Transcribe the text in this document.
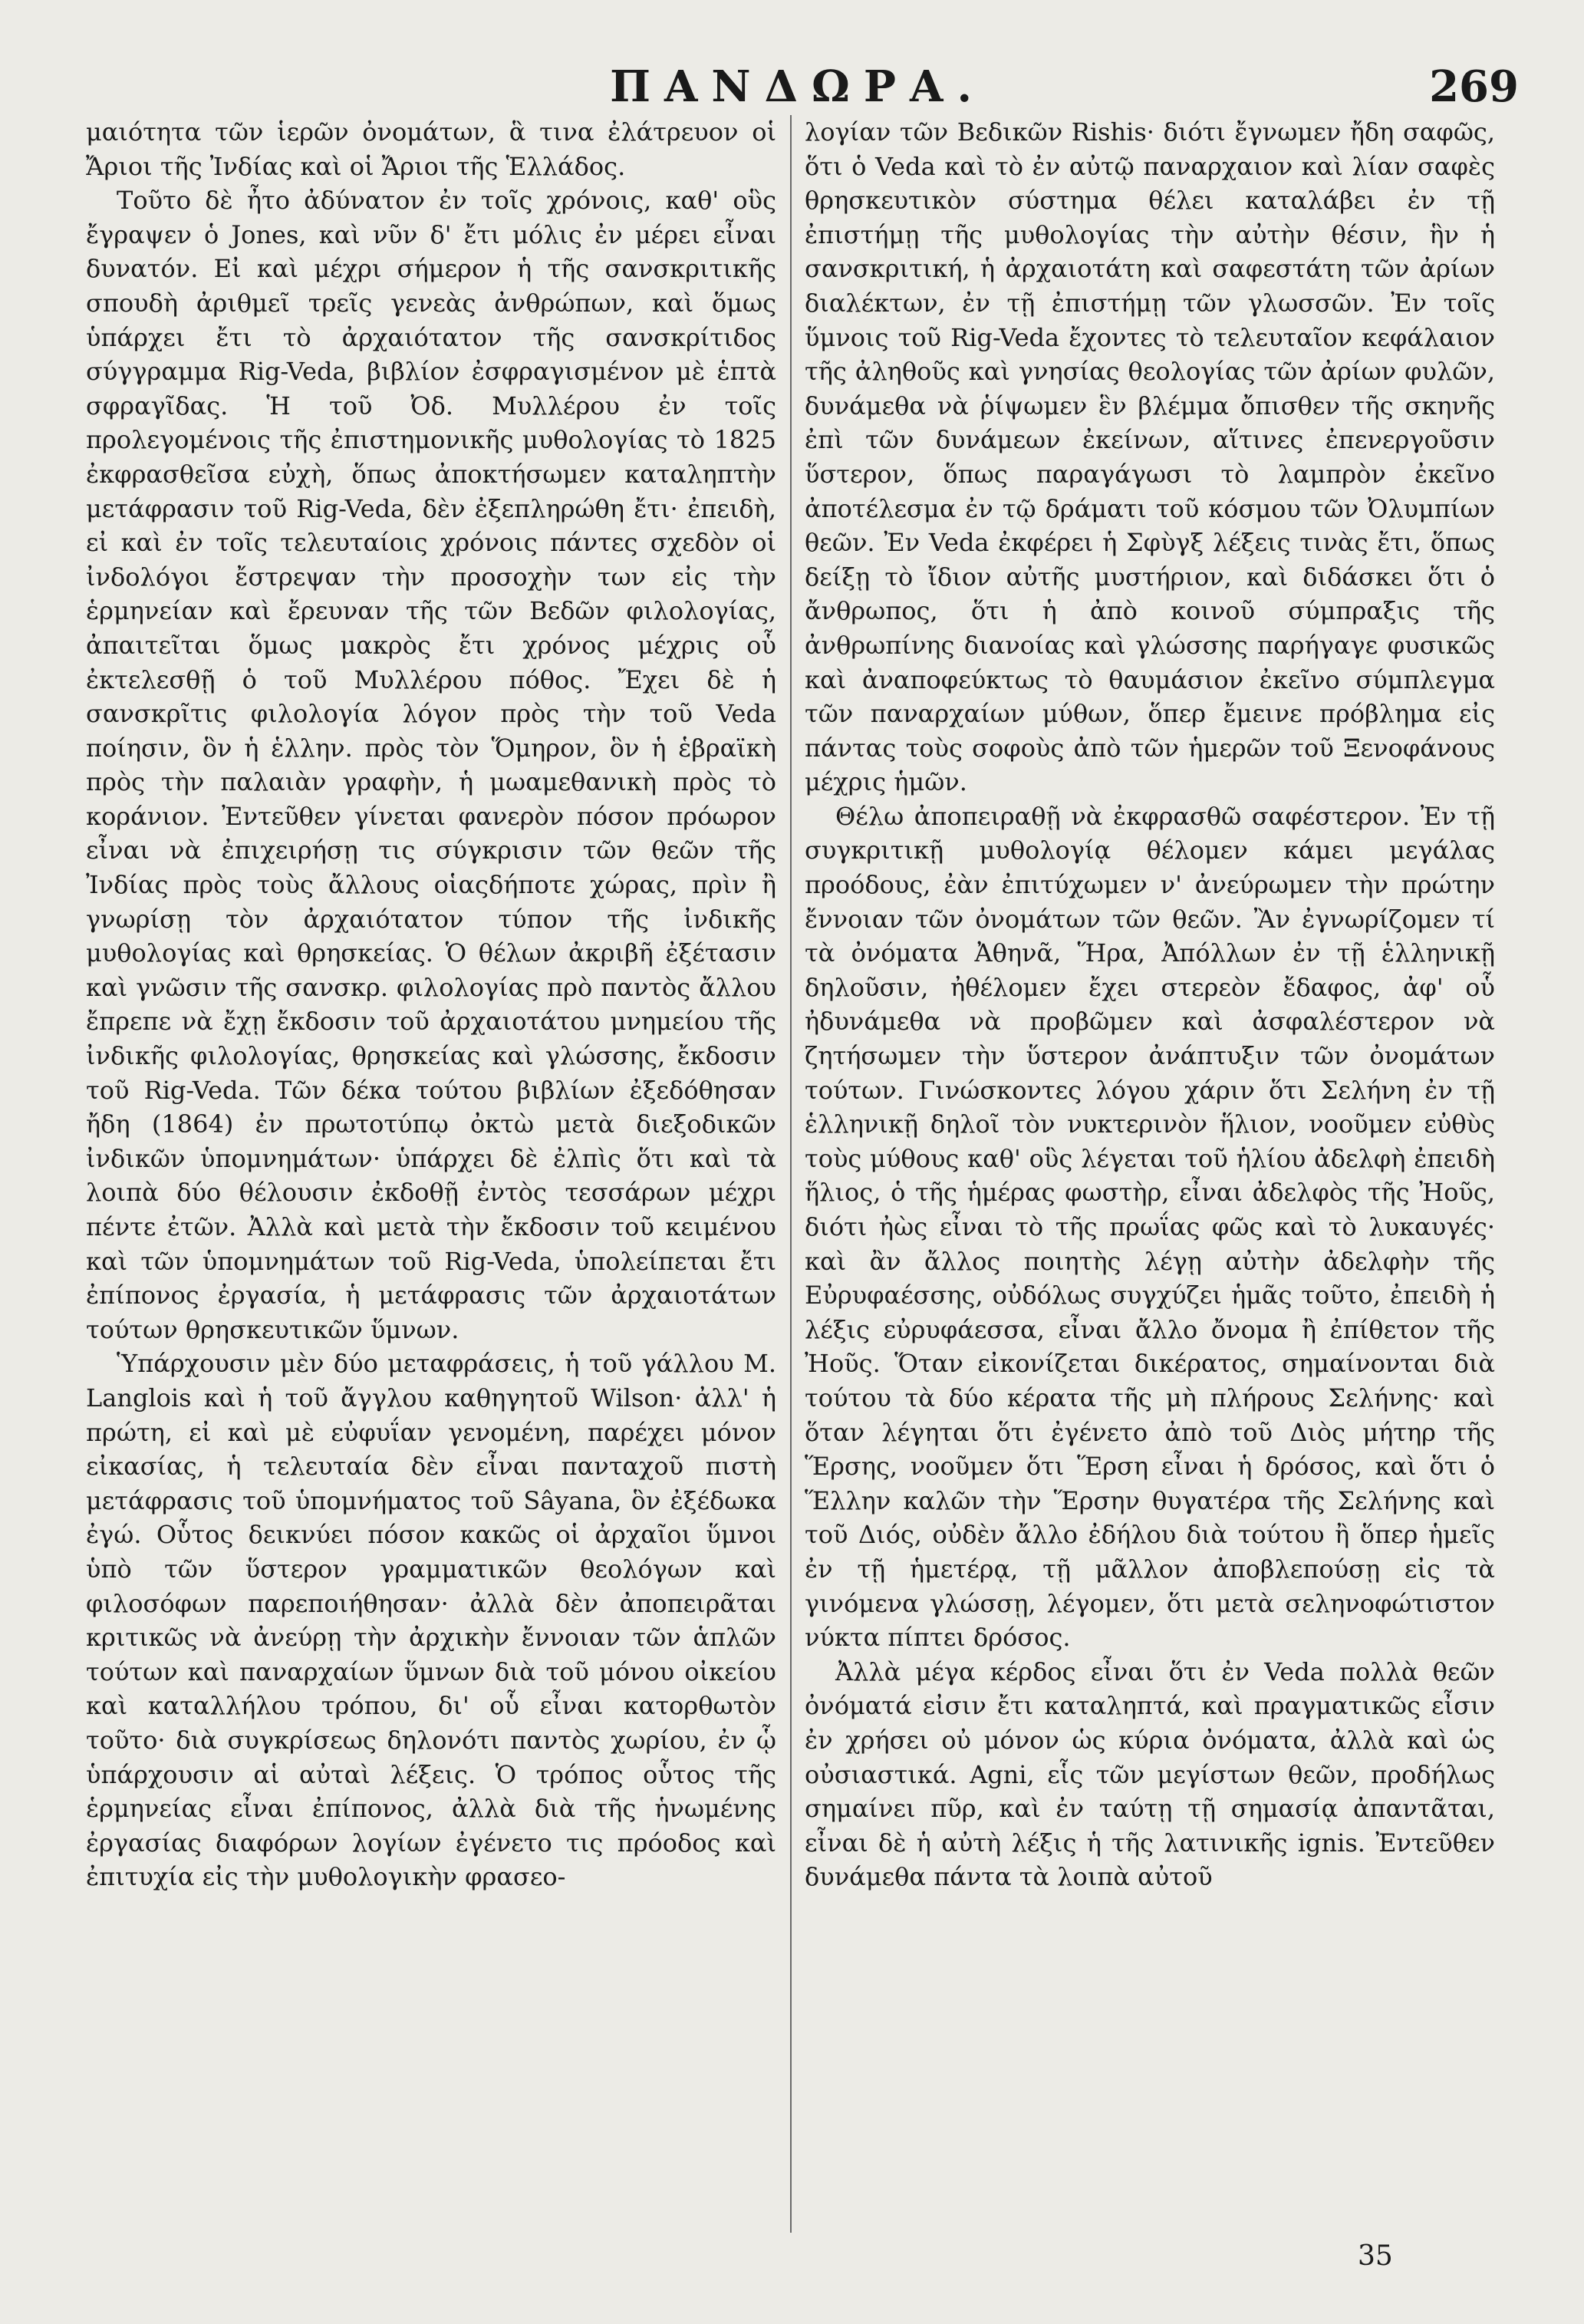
ΠΑΝΔΩΡΑ.	269

μαιότητα τῶν ἱερῶν ὀνομάτων, ἃ τινα ἐλάτρευον οἱ Ἄριοι τῆς Ἰνδίας καὶ οἱ Ἄριοι τῆς Ἑλλάδος.

Τοῦτο δὲ ἦτο ἀδύνατον ἐν τοῖς χρόνοις, καθ' οὓς ἔγραψεν ὁ Jones, καὶ νῦν δ' ἔτι μόλις ἐν μέρει εἶναι δυνατόν. Εἰ καὶ μέχρι σήμερον ἡ τῆς σανσκριτικῆς σπουδὴ ἀριθμεῖ τρεῖς γενεὰς ἀνθρώπων, καὶ ὅμως ὑπάρχει ἔτι τὸ ἀρχαιότατον τῆς σανσκρίτιδος σύγγραμμα Rig-Veda, βιβλίον ἐσφραγισμένον μὲ ἑπτὰ σφραγῖδας. Ἡ τοῦ Ὀδ. Μυλλέρου ἐν τοῖς προλεγομένοις τῆς ἐπιστημονικῆς μυθολογίας τὸ 1825 ἐκφρασθεῖσα εὐχὴ, ὅπως ἀποκτήσωμεν καταληπτὴν μετάφρασιν τοῦ Rig-Veda, δὲν ἐξεπληρώθη ἔτι· ἐπειδὴ, εἰ καὶ ἐν τοῖς τελευταίοις χρόνοις πάντες σχεδὸν οἱ ἰνδολόγοι ἔστρεψαν τὴν προσοχὴν των εἰς τὴν ἑρμηνείαν καὶ ἔρευναν τῆς τῶν Βεδῶν φιλολογίας, ἀπαιτεῖται ὅμως μακρὸς ἔτι χρόνος μέχρις οὗ ἐκτελεσθῇ ὁ τοῦ Μυλλέρου πόθος. Ἔχει δὲ ἡ σανσκρῖτις φιλολογία λόγον πρὸς τὴν τοῦ Veda ποίησιν, ὃν ἡ ἑλλην. πρὸς τὸν Ὅμηρον, ὃν ἡ ἑβραϊκὴ πρὸς τὴν παλαιὰν γραφὴν, ἡ μωαμεθανικὴ πρὸς τὸ κοράνιον. Ἐντεῦθεν γίνεται φανερὸν πόσον πρόωρον εἶναι νὰ ἐπιχειρήσῃ τις σύγκρισιν τῶν θεῶν τῆς Ἰνδίας πρὸς τοὺς ἄλλους οἱαςδήποτε χώρας, πρὶν ἢ γνωρίσῃ τὸν ἀρχαιότατον τύπον τῆς ἰνδικῆς μυθολογίας καὶ θρησκείας. Ὁ θέλων ἀκριβῆ ἐξέτασιν καὶ γνῶσιν τῆς σανσκρ. φιλολογίας πρὸ παντὸς ἄλλου ἔπρεπε νὰ ἔχῃ ἔκδοσιν τοῦ ἀρχαιοτάτου μνημείου τῆς ἰνδικῆς φιλολογίας, θρησκείας καὶ γλώσσης, ἔκδοσιν τοῦ Rig-Veda. Τῶν δέκα τούτου βιβλίων ἐξεδόθησαν ἤδη (1864) ἐν πρωτοτύπῳ ὀκτὼ μετὰ διεξοδικῶν ἰνδικῶν ὑπομνημάτων· ὑπάρχει δὲ ἐλπὶς ὅτι καὶ τὰ λοιπὰ δύο θέλουσιν ἐκδοθῇ ἐντὸς τεσσάρων μέχρι πέντε ἐτῶν. Ἀλλὰ καὶ μετὰ τὴν ἔκδοσιν τοῦ κειμένου καὶ τῶν ὑπομνημάτων τοῦ Rig-Veda, ὑπολείπεται ἔτι ἐπίπονος ἐργασία, ἡ μετάφρασις τῶν ἀρχαιοτάτων τούτων θρησκευτικῶν ὕμνων.

Ὑπάρχουσιν μὲν δύο μεταφράσεις, ἡ τοῦ γάλλου M. Langlois καὶ ἡ τοῦ ἄγγλου καθηγητοῦ Wilson· ἀλλ' ἡ πρώτη, εἰ καὶ μὲ εὐφυΐαν γενομένη, παρέχει μόνον εἰκασίας, ἡ τελευταία δὲν εἶναι πανταχοῦ πιστὴ μετάφρασις τοῦ ὑπομνήματος τοῦ Sâyana, ὃν ἐξέδωκα ἐγώ. Οὗτος δεικνύει πόσον κακῶς οἱ ἀρχαῖοι ὕμνοι ὑπὸ τῶν ὕστερον γραμματικῶν θεολόγων καὶ φιλοσόφων παρεποιήθησαν· ἀλλὰ δὲν ἀποπειρᾶται κριτικῶς νὰ ἀνεύρῃ τὴν ἀρχικὴν ἔννοιαν τῶν ἁπλῶν τούτων καὶ παναρχαίων ὕμνων διὰ τοῦ μόνου οἰκείου καὶ καταλλήλου τρόπου, δι' οὗ εἶναι κατορθωτὸν τοῦτο· διὰ συγκρίσεως δηλονότι παντὸς χωρίου, ἐν ᾧ ὑπάρχουσιν αἱ αὐταὶ λέξεις. Ὁ τρόπος οὗτος τῆς ἑρμηνείας εἶναι ἐπίπονος, ἀλλὰ διὰ τῆς ἡνωμένης ἐργασίας διαφόρων λογίων ἐγένετο τις πρόοδος καὶ ἐπιτυχία εἰς τὴν μυθολογικὴν φρασεο-

λογίαν τῶν Βεδικῶν Rishis· διότι ἔγνωμεν ἤδη σαφῶς, ὅτι ὁ Veda καὶ τὸ ἐν αὐτῷ παναρχαιον καὶ λίαν σαφὲς θρησκευτικὸν σύστημα θέλει καταλάβει ἐν τῇ ἐπιστήμῃ τῆς μυθολογίας τὴν αὐτὴν θέσιν, ἣν ἡ σανσκριτική, ἡ ἀρχαιοτάτη καὶ σαφεστάτη τῶν ἀρίων διαλέκτων, ἐν τῇ ἐπιστήμῃ τῶν γλωσσῶν. Ἐν τοῖς ὕμνοις τοῦ Rig-Veda ἔχοντες τὸ τελευταῖον κεφάλαιον τῆς ἀληθοῦς καὶ γνησίας θεολογίας τῶν ἀρίων φυλῶν, δυνάμεθα νὰ ῥίψωμεν ἓν βλέμμα ὄπισθεν τῆς σκηνῆς ἐπὶ τῶν δυνάμεων ἐκείνων, αἵτινες ἐπενεργοῦσιν ὕστερον, ὅπως παραγάγωσι τὸ λαμπρὸν ἐκεῖνο ἀποτέλεσμα ἐν τῷ δράματι τοῦ κόσμου τῶν Ὀλυμπίων θεῶν. Ἐν Veda ἐκφέρει ἡ Σφὺγξ λέξεις τινὰς ἔτι, ὅπως δείξῃ τὸ ἴδιον αὐτῆς μυστήριον, καὶ διδάσκει ὅτι ὁ ἄνθρωπος, ὅτι ἡ ἀπὸ κοινοῦ σύμπραξις τῆς ἀνθρωπίνης διανοίας καὶ γλώσσης παρήγαγε φυσικῶς καὶ ἀναποφεύκτως τὸ θαυμάσιον ἐκεῖνο σύμπλεγμα τῶν παναρχαίων μύθων, ὅπερ ἔμεινε πρόβλημα εἰς πάντας τοὺς σοφοὺς ἀπὸ τῶν ἡμερῶν τοῦ Ξενοφάνους μέχρις ἡμῶν.

Θέλω ἀποπειραθῇ νὰ ἐκφρασθῶ σαφέστερον. Ἐν τῇ συγκριτικῇ μυθολογίᾳ θέλομεν κάμει μεγάλας προόδους, ἐὰν ἐπιτύχωμεν ν' ἀνεύρωμεν τὴν πρώτην ἔννοιαν τῶν ὀνομάτων τῶν θεῶν. Ἂν ἐγνωρίζομεν τί τὰ ὀνόματα Ἀθηνᾶ, Ἥρα, Ἀπόλλων ἐν τῇ ἑλληνικῇ δηλοῦσιν, ἠθέλομεν ἔχει στερεὸν ἔδαφος, ἀφ' οὗ ἠδυνάμεθα νὰ προβῶμεν καὶ ἀσφαλέστερον νὰ ζητήσωμεν τὴν ὕστερον ἀνάπτυξιν τῶν ὀνομάτων τούτων. Γινώσκοντες λόγου χάριν ὅτι Σελήνη ἐν τῇ ἑλληνικῇ δηλοῖ τὸν νυκτερινὸν ἥλιον, νοοῦμεν εὐθὺς τοὺς μύθους καθ' οὓς λέγεται τοῦ ἡλίου ἀδελφὴ ἐπειδὴ ἥλιος, ὁ τῆς ἡμέρας φωστὴρ, εἶναι ἀδελφὸς τῆς Ἠοῦς, διότι ἠὼς εἶναι τὸ τῆς πρωΐας φῶς καὶ τὸ λυκαυγές· καὶ ἂν ἄλλος ποιητὴς λέγῃ αὐτὴν ἀδελφὴν τῆς Εὐρυφαέσσης, οὐδόλως συγχύζει ἡμᾶς τοῦτο, ἐπειδὴ ἡ λέξις εὐρυφάεσσα, εἶναι ἄλλο ὄνομα ἢ ἐπίθετον τῆς Ἠοῦς. Ὅταν εἰκονίζεται δικέρατος, σημαίνονται διὰ τούτου τὰ δύο κέρατα τῆς μὴ πλήρους Σελήνης· καὶ ὅταν λέγηται ὅτι ἐγένετο ἀπὸ τοῦ Διὸς μήτηρ τῆς Ἕρσης, νοοῦμεν ὅτι Ἕρση εἶναι ἡ δρόσος, καὶ ὅτι ὁ Ἕλλην καλῶν τὴν Ἕρσην θυγατέρα τῆς Σελήνης καὶ τοῦ Διός, οὐδὲν ἄλλο ἐδήλου διὰ τούτου ἢ ὅπερ ἡμεῖς ἐν τῇ ἡμετέρᾳ, τῇ μᾶλλον ἀποβλεπούσῃ εἰς τὰ γινόμενα γλώσσῃ, λέγομεν, ὅτι μετὰ σεληνοφώτιστον νύκτα πίπτει δρόσος.

Ἀλλὰ μέγα κέρδος εἶναι ὅτι ἐν Veda πολλὰ θεῶν ὀνόματά εἰσιν ἔτι καταληπτά, καὶ πραγματικῶς εἶσιν ἐν χρήσει οὐ μόνον ὡς κύρια ὀνόματα, ἀλλὰ καὶ ὡς οὐσιαστικά. Agni, εἷς τῶν μεγίστων θεῶν, προδήλως σημαίνει πῦρ, καὶ ἐν ταύτῃ τῇ σημασίᾳ ἀπαντᾶται, εἶναι δὲ ἡ αὐτὴ λέξις ἡ τῆς λατινικῆς ignis. Ἐντεῦθεν δυνάμεθα πάντα τὰ λοιπὰ αὐτοῦ

35
